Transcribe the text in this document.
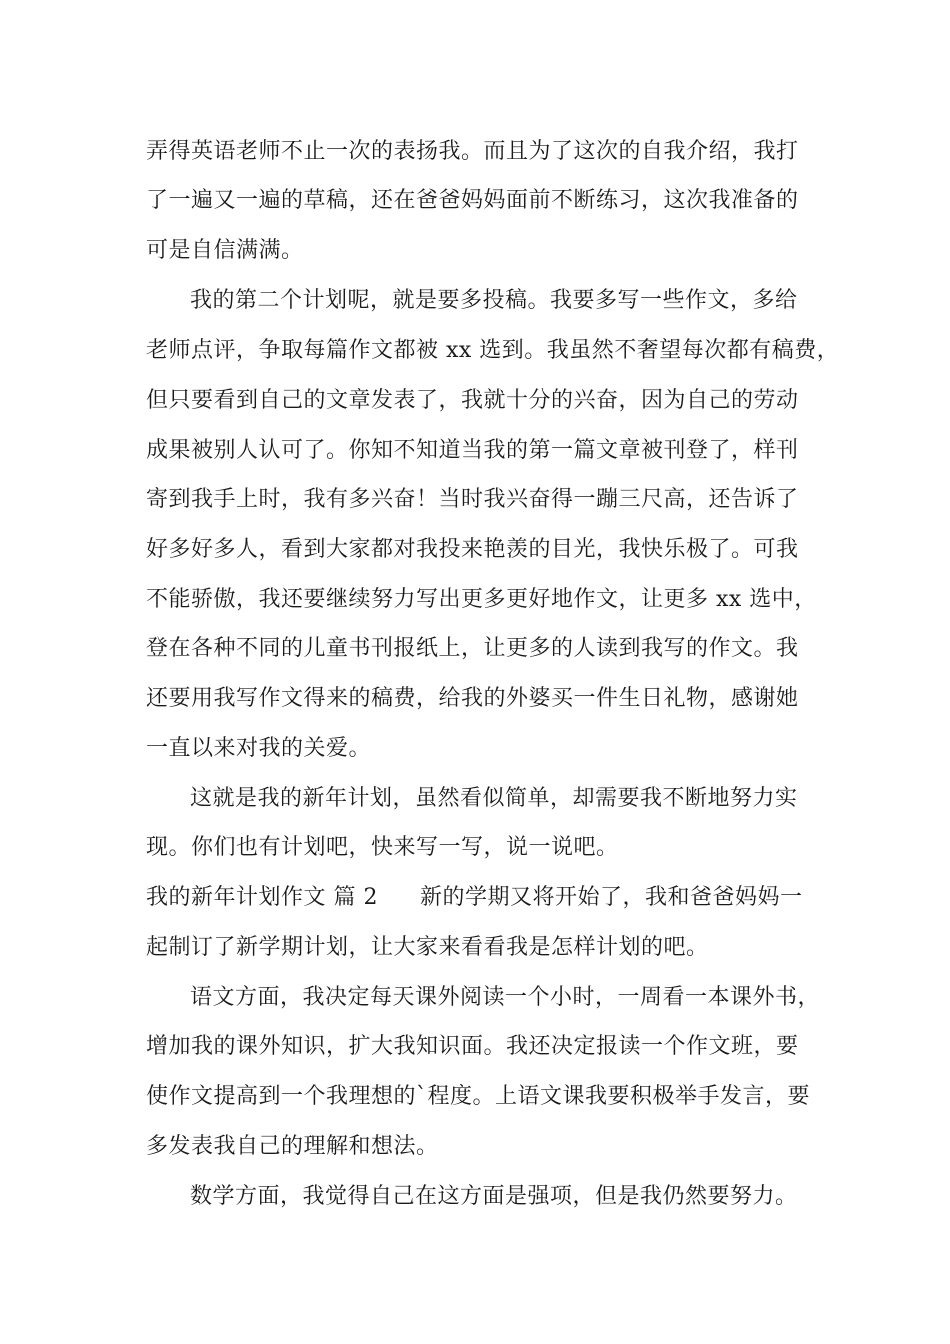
弄得英语老师不止一次的表扬我。而且为了这次的自我介绍，我打
了一遍又一遍的草稿，还在爸爸妈妈面前不断练习，这次我准备的
可是自信满满。
我的第二个计划呢，就是要多投稿。我要多写一些作文，多给
老师点评，争取每篇作文都被 xx 选到。我虽然不奢望每次都有稿费，
但只要看到自己的文章发表了，我就十分的兴奋，因为自己的劳动
成果被别人认可了。你知不知道当我的第一篇文章被刊登了，样刊
寄到我手上时，我有多兴奋！当时我兴奋得一蹦三尺高，还告诉了
好多好多人，看到大家都对我投来艳羡的目光，我快乐极了。可我
不能骄傲，我还要继续努力写出更多更好地作文，让更多 xx 选中，
登在各种不同的儿童书刊报纸上，让更多的人读到我写的作文。我
还要用我写作文得来的稿费，给我的外婆买一件生日礼物，感谢她
一直以来对我的关爱。
这就是我的新年计划，虽然看似简单，却需要我不断地努力实
现。你们也有计划吧，快来写一写，说一说吧。
我的新年计划作文 篇 2 新的学期又将开始了，我和爸爸妈妈一
起制订了新学期计划，让大家来看看我是怎样计划的吧。
语文方面，我决定每天课外阅读一个小时，一周看一本课外书，
增加我的课外知识，扩大我知识面。我还决定报读一个作文班，要
使作文提高到一个我理想的`程度。上语文课我要积极举手发言，要
多发表我自己的理解和想法。
数学方面，我觉得自己在这方面是强项，但是我仍然要努力。
